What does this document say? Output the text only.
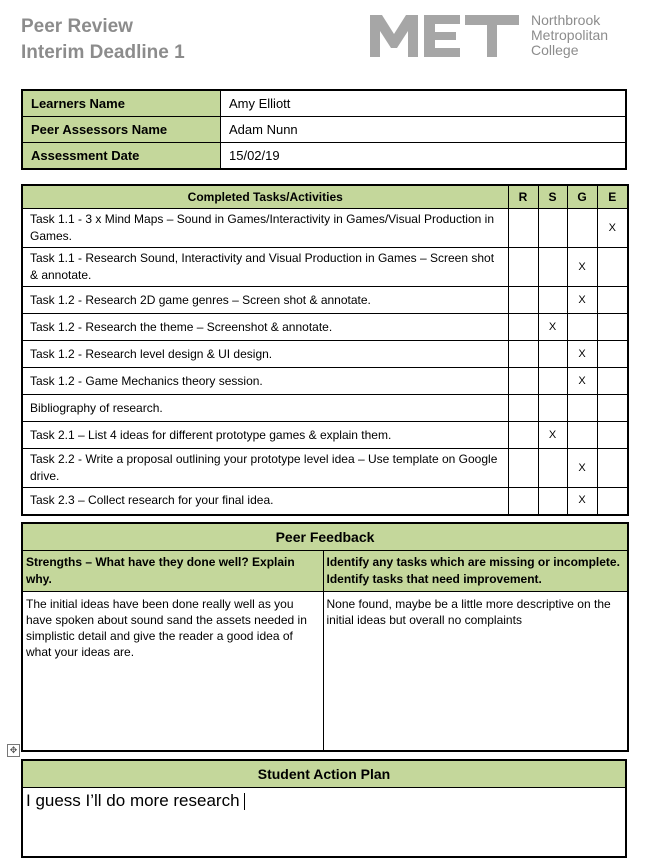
Peer Review
Interim Deadline 1
Northbrook
Metropolitan
College
Learners Name	Amy Elliott
Peer Assessors Name	Adam Nunn
Assessment Date	15/02/19
Completed Tasks/Activities	R	S	G	E
Task 1.1 - 3 x Mind Maps – Sound in Games/Interactivity in Games/Visual Production in Games.				X
Task 1.1 - Research Sound, Interactivity and Visual Production in Games – Screen shot & annotate.			X	
Task 1.2 - Research 2D game genres – Screen shot & annotate.			X	
Task 1.2 - Research the theme – Screenshot & annotate.		X		
Task 1.2 - Research level design & UI design.			X	
Task 1.2 - Game Mechanics theory session.			X	
Bibliography of research.				
Task 2.1 – List 4 ideas for different prototype games & explain them.		X		
Task 2.2 - Write a proposal outlining your prototype level idea – Use template on Google drive.			X	
Task 2.3 – Collect research for your final idea.			X	
Peer Feedback	
Strengths – What have they done well? Explain why.	Identify any tasks which are missing or incomplete.
Identify tasks that need improvement.

The initial ideas have been done really well as you have spoken about sound sand the assets needed in simplistic detail and give the reader a good idea of what your ideas are.	None found, maybe be a little more descriptive on the initial ideas but overall no complaints
✥
Student Action Plan
I guess I’ll do more research
